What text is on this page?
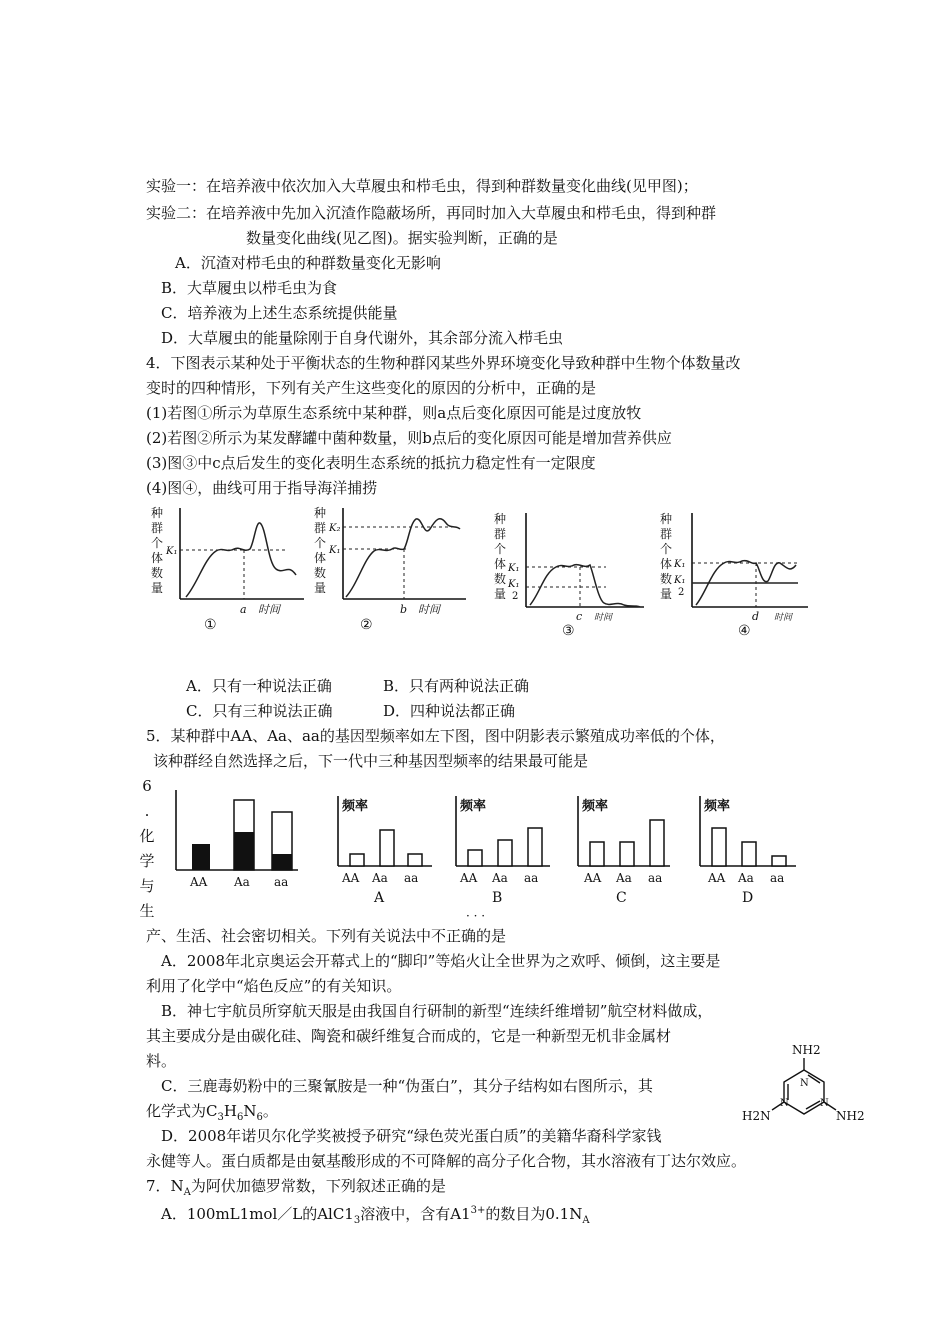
实验一：在培养液中依次加入大草履虫和栉毛虫，得到种群数量变化曲线(见甲图)；
实验二：在培养液中先加入沉渣作隐蔽场所，再同时加入大草履虫和栉毛虫，得到种群
数量变化曲线(见乙图)。据实验判断，正确的是
A．沉渣对栉毛虫的种群数量变化无影响
B．大草履虫以栉毛虫为食
C．培养液为上述生态系统提供能量
D．大草履虫的能量除刚于自身代谢外，其余部分流入栉毛虫
4．下图表示某种处于平衡状态的生物种群冈某些外界环境变化导致种群中生物个体数量改
变时的四种情形，下列有关产生这些变化的原因的分析中，正确的是
(1)若图①所示为草原生态系统中某种群，则a点后变化原因可能是过度放牧
(2)若图②所示为某发酵罐中菌种数量，则b点后的变化原因可能是增加营养供应
(3)图③中c点后发生的变化表明生态系统的抵抗力稳定性有一定限度
(4)图④，曲线可用于指导海洋捕捞
种
群
个
体
数
量
K₁
a 时间
①
种
群
个
体
数
量
K₂
K₁
b 时间
②
种
群
个
体
数
量
K₁
K₁
2
c 时间
③
种
群
个
体
数
量
K₁
K₁
2
d 时间
④
A．只有一种说法正确	B．只有两种说法正确
C．只有三种说法正确	D．四种说法都正确
5．某种群中AA、Aa、aa的基因型频率如左下图，图中阴影表示繁殖成功率低的个体，
该种群经自然选择之后，下一代中三种基因型频率的结果最可能是
6
.
化
学
与
生
AA Aa aa
频率
AA Aa aa
A
频率
AA Aa aa
B
频率
AA Aa aa
C
频率
AA Aa aa
D
· · ·
产、生活、社会密切相关。下列有关说法中不正确的是
A．2008年北京奥运会开幕式上的“脚印”等焰火让全世界为之欢呼、倾倒，这主要是
利用了化学中“焰色反应”的有关知识。
B．神七宇航员所穿航天服是由我国自行研制的新型“连续纤维增韧”航空材料做成，
其主要成分是由碳化硅、陶瓷和碳纤维复合而成的，它是一种新型无机非金属材
料。
C．三鹿毒奶粉中的三聚氰胺是一种“伪蛋白”，其分子结构如右图所示，其
化学式为$C_3H_6N_6$。
D．2008年诺贝尔化学奖被授予研究“绿色荧光蛋白质”的美籍华裔科学家钱
永健等人。蛋白质都是由氨基酸形成的不可降解的高分子化合物，其水溶液有丁达尔效应。
7．$N_A$为阿伏加德罗常数，下列叙述正确的是
A．100mL1mol／L的$AlC1_3$溶液中，含有$A1^{3+}$的数目为$0.1N_A$
NH2
H2N	NH2
N
N	N
